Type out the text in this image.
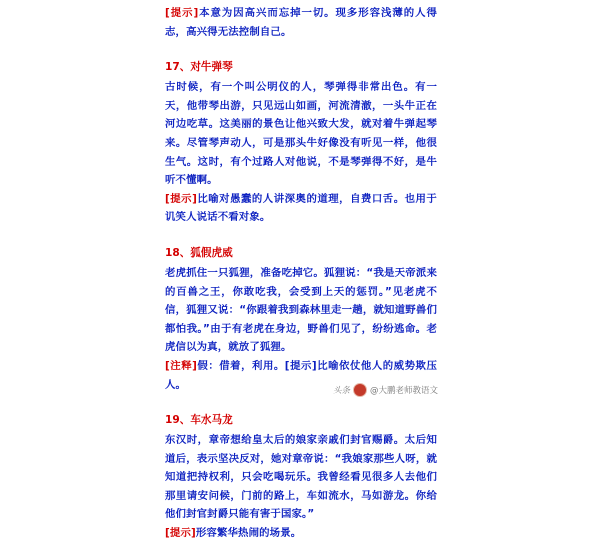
[提示]本意为因高兴而忘掉一切。现多形容浅薄的人得志，高兴得无法控制自己。

17、对牛弹琴

古时候，有一个叫公明仪的人，琴弹得非常出色。有一天，他带琴出游，只见远山如画，河流清澈，一头牛正在河边吃草。这美丽的景色让他兴致大发，就对着牛弹起琴来。尽管琴声动人，可是那头牛好像没有听见一样，他很生气。这时，有个过路人对他说，不是琴弹得不好，是牛听不懂啊。

[提示]比喻对愚蠢的人讲深奥的道理，自费口舌。也用于讥笑人说话不看对象。

18、狐假虎威

老虎抓住一只狐狸，准备吃掉它。狐狸说：“我是天帝派来的百兽之王，你敢吃我，会受到上天的惩罚。”见老虎不信，狐狸又说：“你跟着我到森林里走一趟，就知道野兽们都怕我。”由于有老虎在身边，野兽们见了，纷纷逃命。老虎信以为真，就放了狐狸。

[注释]假：借着，利用。[提示]比喻依仗他人的威势欺压人。

19、车水马龙

东汉时，章帝想给皇太后的娘家亲戚们封官赐爵。太后知道后，表示坚决反对，她对章帝说：“我娘家那些人呀，就知道把持权利，只会吃喝玩乐。我曾经看见很多人去他们那里请安问候，门前的路上，车如流水，马如游龙。你给他们封官封爵只能有害于国家。”

[提示]形容繁华热闹的场景。

头条 @大鹏老师教语文
